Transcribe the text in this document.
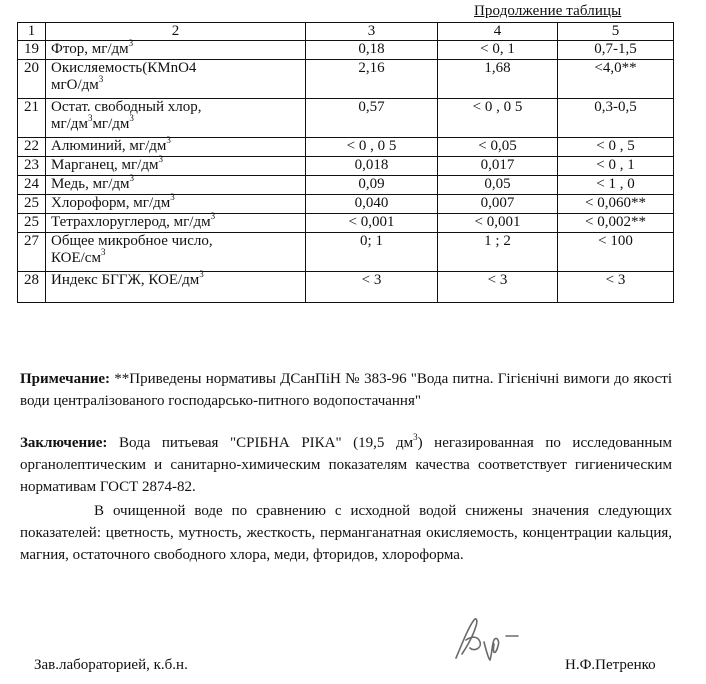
Продолжение таблицы
1	2	3	4	5
19	Фтор, $мг/дм^3$	0,18	< 0, 1	0,7-1,5
20	Окисляемость(КМnO4
мгО/$дм^3$	2,16	1,68	<4,0**
21	Остат. свободный хлор,
$мг/дм^3мг/дм^3$	0,57	< 0 , 0 5	0,3-0,5
22	Алюминий, $мг/дм^3$	< 0 , 0 5	< 0,05	< 0 , 5
23	Марганец, $мг/дм^3$	0,018	0,017	< 0 , 1
24	Медь, $мг/дм^3$	0,09	0,05	< 1 , 0
25	Хлороформ, $мг/дм^3$	0,040	0,007	< 0,060**
25	Тетрахлоруглерод, $мг/дм^3$	< 0,001	< 0,001	< 0,002**
27	Общее микробное число,
КОЕ/$см^3$	0; 1	1 ; 2	< 100
28	Индекс БГГЖ, КОЕ/$дм^3$	< 3	< 3	< 3
Примечание: **Приведены нормативы ДСанПіН № 383-96 "Вода питна. Гігієнічні вимоги до якості води централізованого господарсько-питного водопостачання"
Заключение: Вода питьевая "СРІБНА РІКА" (19,5 $дм^3$) негазированная по исследованным органолептическим и санитарно-химическим показателям качества соответствует гигиеническим нормативам ГОСТ 2874-82.
В очищенной воде по сравнению с исходной водой снижены значения следующих показателей: цветность, мутность, жесткость, перманганатная окисляемость, концентрации кальция, магния, остаточного свободного хлора, меди, фторидов, хлороформа.
Зав.лабораторией, к.б.н.	Н.Ф.Петренко
